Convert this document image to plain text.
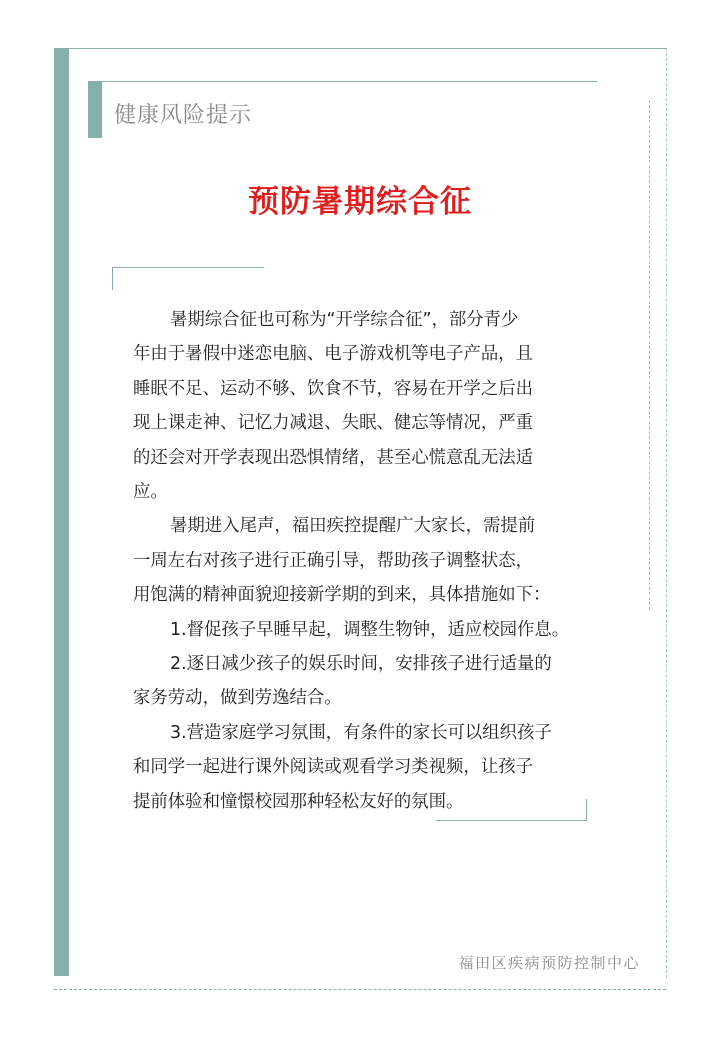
健康风险提示
预防暑期综合征
暑期综合征也可称为“开学综合征”，部分青少
年由于暑假中迷恋电脑、电子游戏机等电子产品，且
睡眠不足、运动不够、饮食不节，容易在开学之后出
现上课走神、记忆力减退、失眠、健忘等情况，严重
的还会对开学表现出恐惧情绪，甚至心慌意乱无法适
应。
暑期进入尾声，福田疾控提醒广大家长，需提前
一周左右对孩子进行正确引导，帮助孩子调整状态，
用饱满的精神面貌迎接新学期的到来，具体措施如下：
1.督促孩子早睡早起，调整生物钟，适应校园作息。
2.逐日减少孩子的娱乐时间，安排孩子进行适量的
家务劳动，做到劳逸结合。
3.营造家庭学习氛围，有条件的家长可以组织孩子
和同学一起进行课外阅读或观看学习类视频，让孩子
提前体验和憧憬校园那种轻松友好的氛围。

福田区疾病预防控制中心
